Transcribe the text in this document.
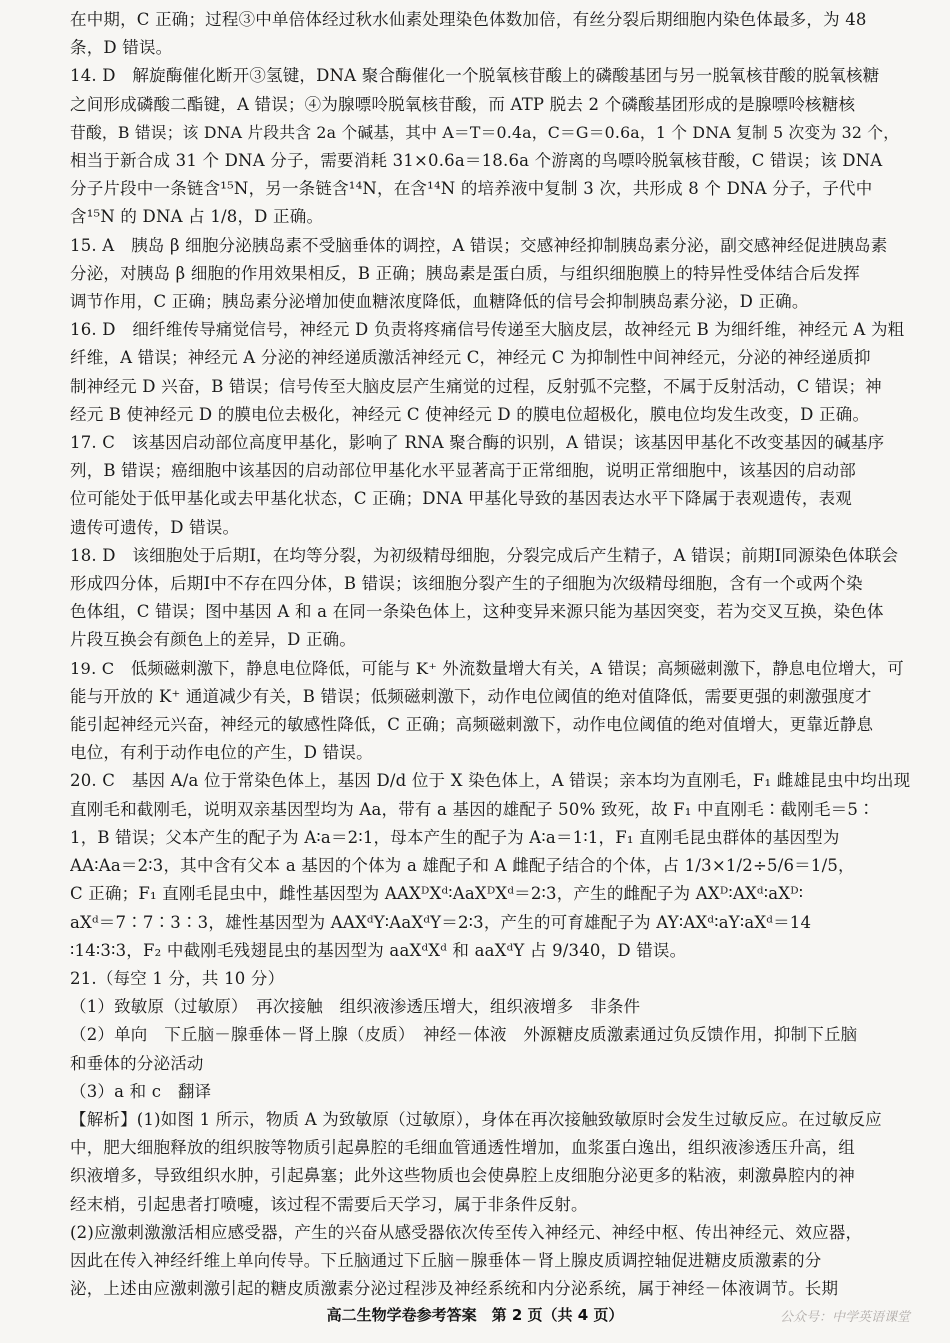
在中期，C 正确；过程③中单倍体经过秋水仙素处理染色体数加倍，有丝分裂后期细胞内染色体最多，为 48
条，D 错误。
14. D　解旋酶催化断开③氢键，DNA 聚合酶催化一个脱氧核苷酸上的磷酸基团与另一脱氧核苷酸的脱氧核糖
之间形成磷酸二酯键，A 错误；④为腺嘌呤脱氧核苷酸，而 ATP 脱去 2 个磷酸基团形成的是腺嘌呤核糖核
苷酸，B 错误；该 DNA 片段共含 2a 个碱基，其中 A＝T＝0.4a，C＝G＝0.6a，1 个 DNA 复制 5 次变为 32 个，
相当于新合成 31 个 DNA 分子，需要消耗 31×0.6a＝18.6a 个游离的鸟嘌呤脱氧核苷酸，C 错误；该 DNA
分子片段中一条链含¹⁵N，另一条链含¹⁴N，在含¹⁴N 的培养液中复制 3 次，共形成 8 个 DNA 分子，子代中
含¹⁵N 的 DNA 占 1/8，D 正确。
15. A　胰岛 β 细胞分泌胰岛素不受脑垂体的调控，A 错误；交感神经抑制胰岛素分泌，副交感神经促进胰岛素
分泌，对胰岛 β 细胞的作用效果相反，B 正确；胰岛素是蛋白质，与组织细胞膜上的特异性受体结合后发挥
调节作用，C 正确；胰岛素分泌增加使血糖浓度降低，血糖降低的信号会抑制胰岛素分泌，D 正确。
16. D　细纤维传导痛觉信号，神经元 D 负责将疼痛信号传递至大脑皮层，故神经元 B 为细纤维，神经元 A 为粗
纤维，A 错误；神经元 A 分泌的神经递质激活神经元 C，神经元 C 为抑制性中间神经元，分泌的神经递质抑
制神经元 D 兴奋，B 错误；信号传至大脑皮层产生痛觉的过程，反射弧不完整，不属于反射活动，C 错误；神
经元 B 使神经元 D 的膜电位去极化，神经元 C 使神经元 D 的膜电位超极化，膜电位均发生改变，D 正确。
17. C　该基因启动部位高度甲基化，影响了 RNA 聚合酶的识别，A 错误；该基因甲基化不改变基因的碱基序
列，B 错误；癌细胞中该基因的启动部位甲基化水平显著高于正常细胞，说明正常细胞中，该基因的启动部
位可能处于低甲基化或去甲基化状态，C 正确；DNA 甲基化导致的基因表达水平下降属于表观遗传，表观
遗传可遗传，D 错误。
18. D　该细胞处于后期Ⅰ，在均等分裂，为初级精母细胞，分裂完成后产生精子，A 错误；前期Ⅰ同源染色体联会
形成四分体，后期Ⅰ中不存在四分体，B 错误；该细胞分裂产生的子细胞为次级精母细胞，含有一个或两个染
色体组，C 错误；图中基因 A 和 a 在同一条染色体上，这种变异来源只能为基因突变，若为交叉互换，染色体
片段互换会有颜色上的差异，D 正确。
19. C　低频磁刺激下，静息电位降低，可能与 K⁺ 外流数量增大有关，A 错误；高频磁刺激下，静息电位增大，可
能与开放的 K⁺ 通道减少有关，B 错误；低频磁刺激下，动作电位阈值的绝对值降低，需要更强的刺激强度才
能引起神经元兴奋，神经元的敏感性降低，C 正确；高频磁刺激下，动作电位阈值的绝对值增大，更靠近静息
电位，有利于动作电位的产生，D 错误。
20. C　基因 A/a 位于常染色体上，基因 D/d 位于 X 染色体上，A 错误；亲本均为直刚毛，F₁ 雌雄昆虫中均出现
直刚毛和截刚毛，说明双亲基因型均为 Aa，带有 a 基因的雄配子 50% 致死，故 F₁ 中直刚毛∶截刚毛＝5∶
1，B 错误；父本产生的配子为 A∶a＝2∶1，母本产生的配子为 A∶a＝1∶1，F₁ 直刚毛昆虫群体的基因型为
AA∶Aa＝2∶3，其中含有父本 a 基因的个体为 a 雄配子和 A 雌配子结合的个体，占 1/3×1/2÷5/6＝1/5，
C 正确；F₁ 直刚毛昆虫中，雌性基因型为 AAXᴰXᵈ∶AaXᴰXᵈ＝2∶3，产生的雌配子为 AXᴰ∶AXᵈ∶aXᴰ∶
aXᵈ＝7∶7∶3∶3，雄性基因型为 AAXᵈY∶AaXᵈY＝2∶3，产生的可育雄配子为 AY∶AXᵈ∶aY∶aXᵈ＝14
∶14∶3∶3，F₂ 中截刚毛残翅昆虫的基因型为 aaXᵈXᵈ 和 aaXᵈY 占 9/340，D 错误。
21.（每空 1 分，共 10 分）
（1）致敏原（过敏原）　再次接触　组织液渗透压增大，组织液增多　非条件
（2）单向　下丘脑－腺垂体－肾上腺（皮质）　神经－体液　外源糖皮质激素通过负反馈作用，抑制下丘脑
和垂体的分泌活动
（3）a 和 c　翻译
【解析】(1)如图 1 所示，物质 A 为致敏原（过敏原），身体在再次接触致敏原时会发生过敏反应。在过敏反应
中，肥大细胞释放的组织胺等物质引起鼻腔的毛细血管通透性增加，血浆蛋白逸出，组织液渗透压升高，组
织液增多，导致组织水肿，引起鼻塞；此外这些物质也会使鼻腔上皮细胞分泌更多的粘液，刺激鼻腔内的神
经末梢，引起患者打喷嚏，该过程不需要后天学习，属于非条件反射。
(2)应激刺激激活相应感受器，产生的兴奋从感受器依次传至传入神经元、神经中枢、传出神经元、效应器，
因此在传入神经纤维上单向传导。下丘脑通过下丘脑－腺垂体－肾上腺皮质调控轴促进糖皮质激素的分
泌，上述由应激刺激引起的糖皮质激素分泌过程涉及神经系统和内分泌系统，属于神经－体液调节。长期
高二生物学卷参考答案　第 2 页（共 4 页）	公众号：中学英语课堂
